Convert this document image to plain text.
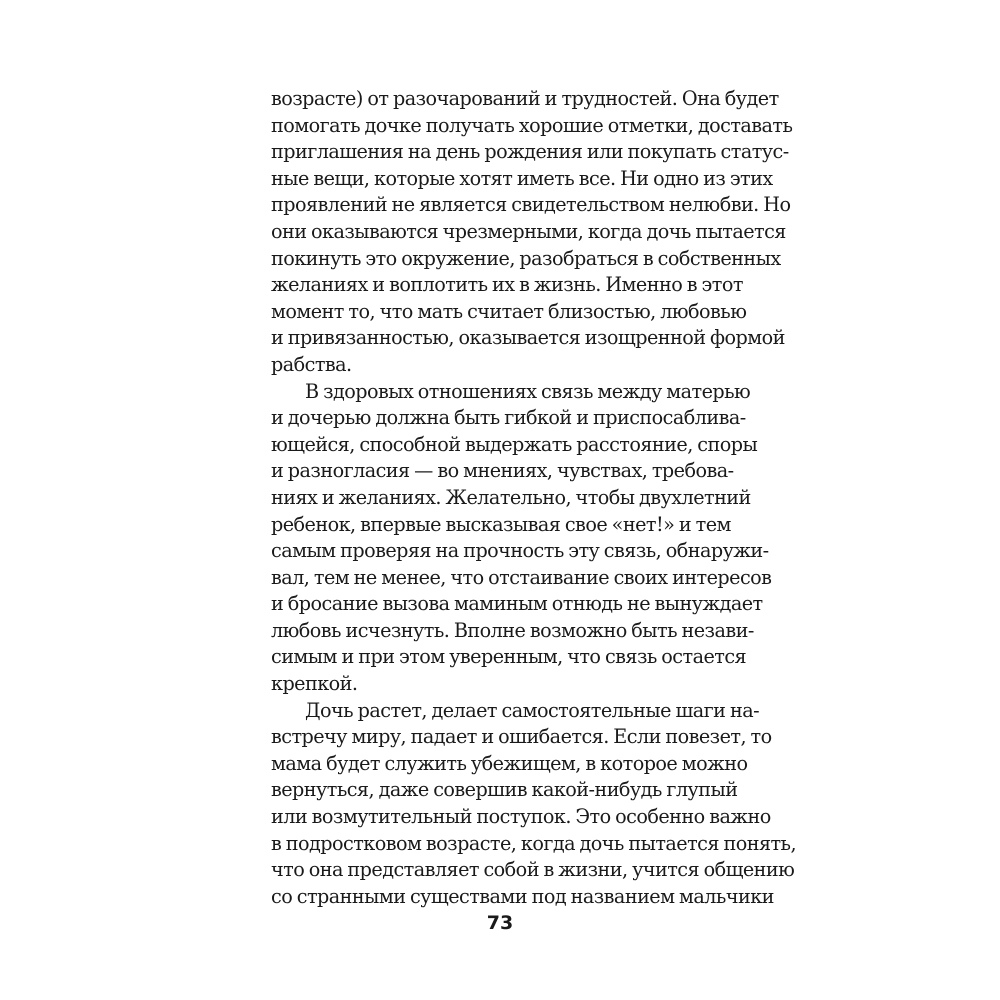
возрасте) от разочарований и трудностей. Она будет
помогать дочке получать хорошие отметки, доставать
приглашения на день рождения или покупать статус-
ные вещи, которые хотят иметь все. Ни одно из этих
проявлений не является свидетельством нелюбви. Но
они оказываются чрезмерными, когда дочь пытается
покинуть это окружение, разобраться в собственных
желаниях и воплотить их в жизнь. Именно в этот
момент то, что мать считает близостью, любовью
и привязанностью, оказывается изощренной формой
рабства.
В здоровых отношениях связь между матерью
и дочерью должна быть гибкой и приспосаблива-
ющейся, способной выдержать расстояние, споры
и разногласия — во мнениях, чувствах, требова-
ниях и желаниях. Желательно, чтобы двухлетний
ребенок, впервые высказывая свое «нет!» и тем
самым проверяя на прочность эту связь, обнаружи-
вал, тем не менее, что отстаивание своих интересов
и бросание вызова маминым отнюдь не вынуждает
любовь исчезнуть. Вполне возможно быть незави-
симым и при этом уверенным, что связь остается
крепкой.
Дочь растет, делает самостоятельные шаги на-
встречу миру, падает и ошибается. Если повезет, то
мама будет служить убежищем, в которое можно
вернуться, даже совершив какой-нибудь глупый
или возмутительный поступок. Это особенно важно
в подростковом возрасте, когда дочь пытается понять,
что она представляет собой в жизни, учится общению
со странными существами под названием мальчики
73
